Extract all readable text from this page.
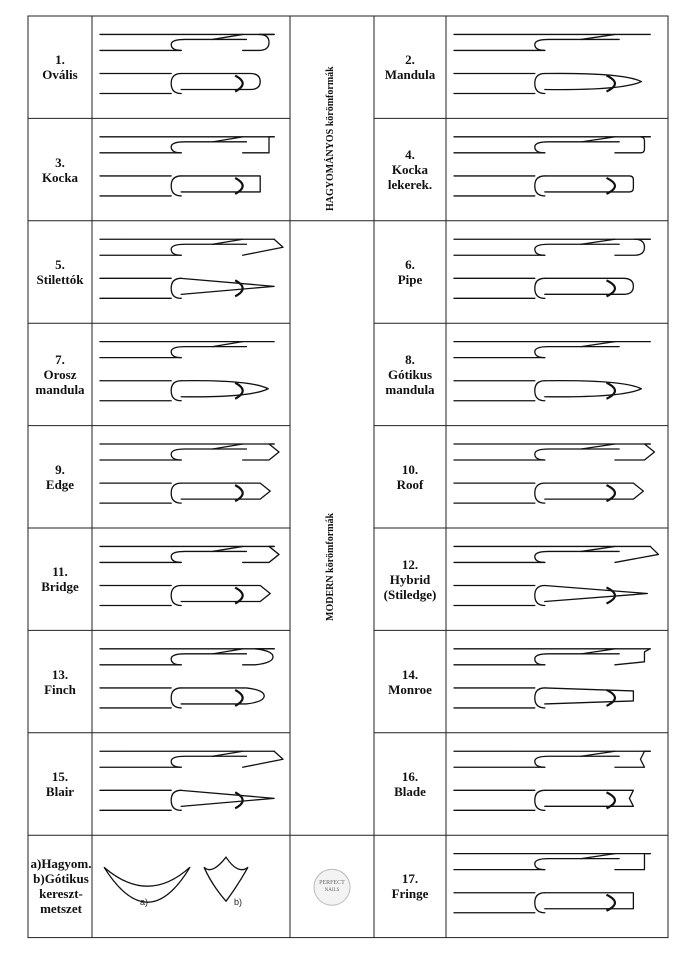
HAGYOMÁNYOS körömformák
MODERN körömformák
1.
Ovális
3.
Kocka
5.
Stilettók
7.
Orosz
mandula
9.
Edge
11.
Bridge
13.
Finch
15.
Blair
2.
Mandula
4.
Kocka
lekerek.
6.
Pipe
8.
Gótikus
mandula
10.
Roof
12.
Hybrid
(Stiledge)
14.
Monroe
16.
Blade
17.
Fringe
a)Hagyom.
b)Gótikus
kereszt-
metszet	a)	b)
PERFECT
NAILS
